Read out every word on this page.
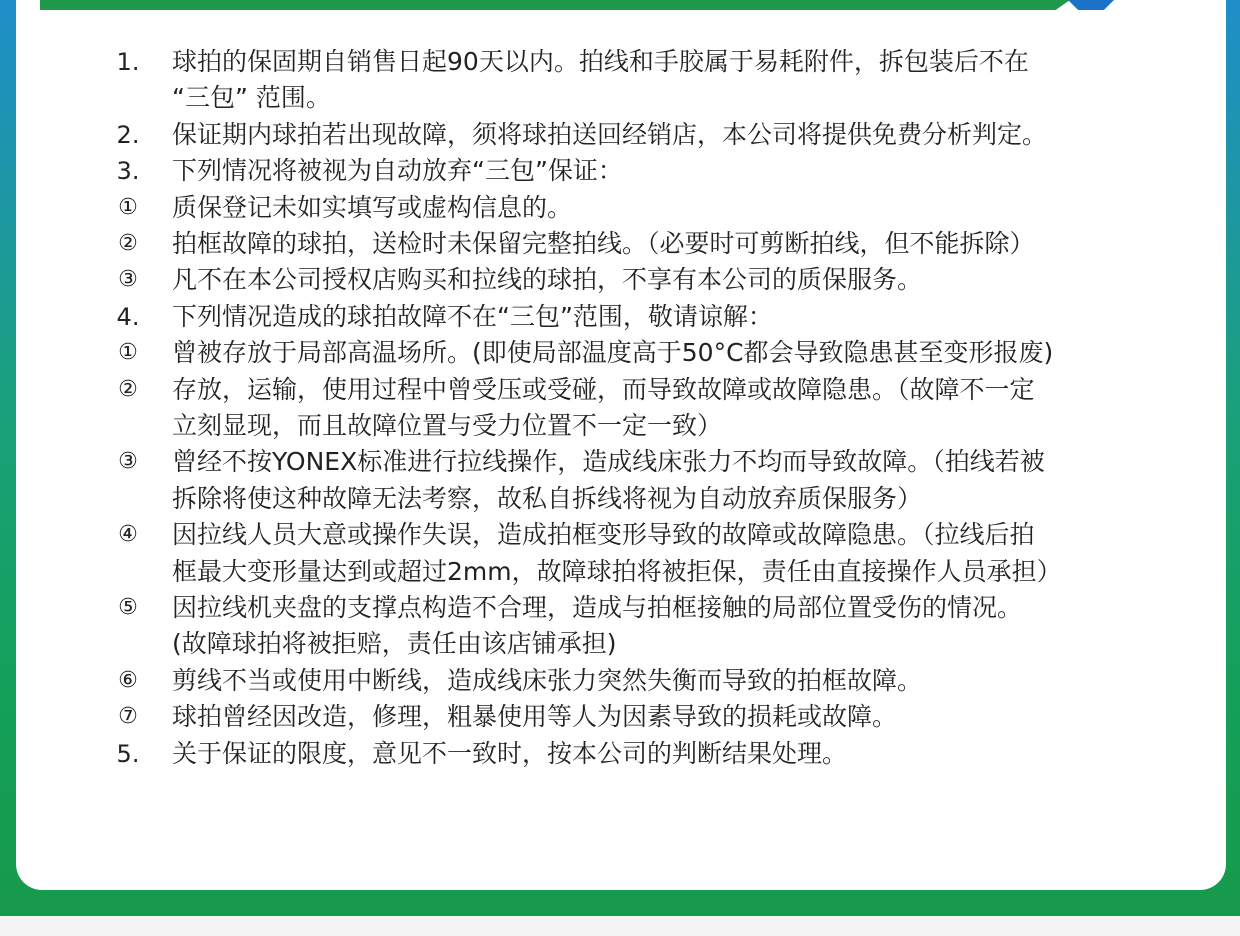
1.	球拍的保固期自销售日起90天以内。拍线和手胶属于易耗附件，拆包装后不在
“三包” 范围。
2.	保证期内球拍若出现故障，须将球拍送回经销店，本公司将提供免费分析判定。
3.	下列情况将被视为自动放弃“三包”保证：
①	质保登记未如实填写或虚构信息的。
②	拍框故障的球拍，送检时未保留完整拍线。（必要时可剪断拍线，但不能拆除）
③	凡不在本公司授权店购买和拉线的球拍，不享有本公司的质保服务。
4.	下列情况造成的球拍故障不在“三包”范围，敬请谅解：
①	曾被存放于局部高温场所。(即使局部温度高于50°C都会导致隐患甚至变形报废)
②	存放，运输，使用过程中曾受压或受碰，而导致故障或故障隐患。（故障不一定
立刻显现，而且故障位置与受力位置不一定一致）
③	曾经不按YONEX标准进行拉线操作，造成线床张力不均而导致故障。（拍线若被
拆除将使这种故障无法考察，故私自拆线将视为自动放弃质保服务）
④	因拉线人员大意或操作失误，造成拍框变形导致的故障或故障隐患。（拉线后拍
框最大变形量达到或超过2mm，故障球拍将被拒保，责任由直接操作人员承担）
⑤	因拉线机夹盘的支撑点构造不合理，造成与拍框接触的局部位置受伤的情况。
(故障球拍将被拒赔，责任由该店铺承担)
⑥	剪线不当或使用中断线，造成线床张力突然失衡而导致的拍框故障。
⑦	球拍曾经因改造，修理，粗暴使用等人为因素导致的损耗或故障。
5.	关于保证的限度，意见不一致时，按本公司的判断结果处理。
